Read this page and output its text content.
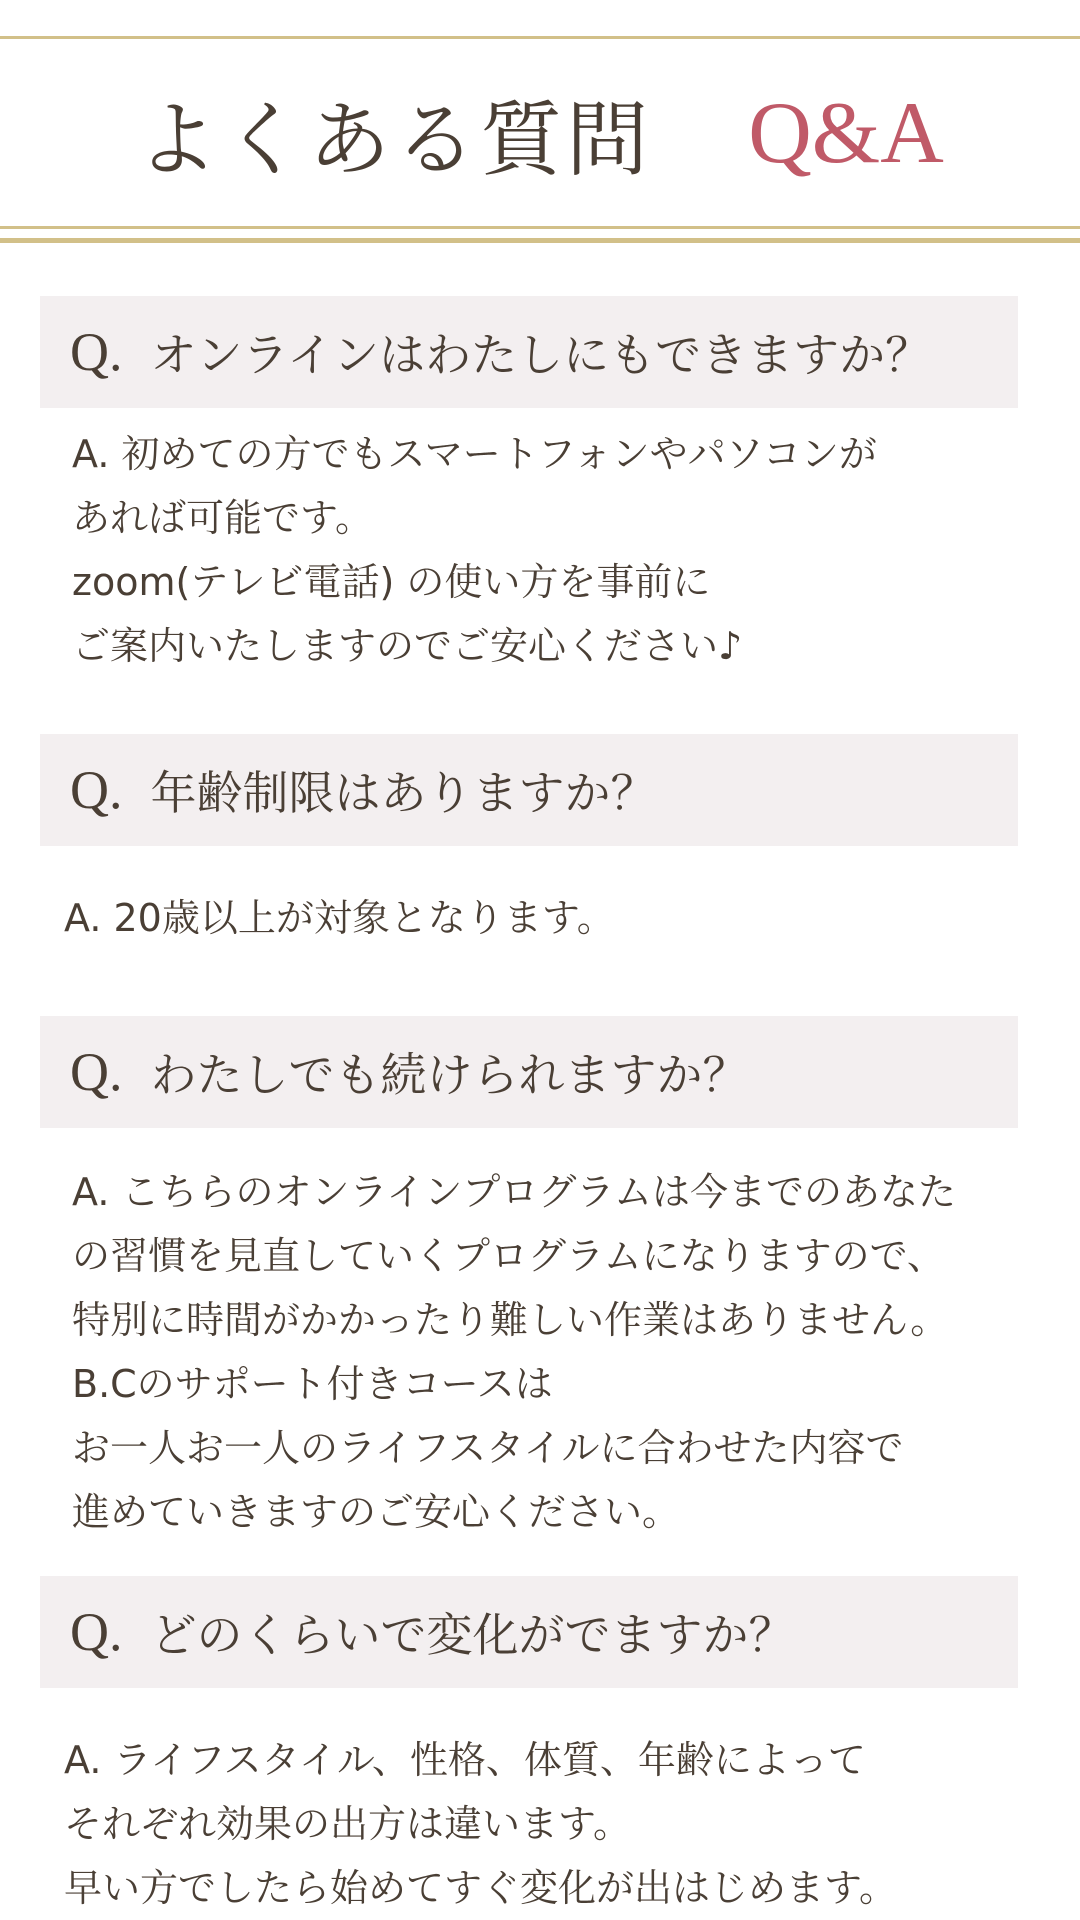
よくある質問 Q&A
Q. オンラインはわたしにもできますか？
A. 初めての方でもスマートフォンやパソコンが
あれば可能です。
zoom(テレビ電話) の使い方を事前に
ご案内いたしますのでご安心ください♪
Q. 年齢制限はありますか？
A. 20歳以上が対象となります。
Q. わたしでも続けられますか？
A. こちらのオンラインプログラムは今までのあなた
の習慣を見直していくプログラムになりますので、
特別に時間がかかったり難しい作業はありません。
B.Cのサポート付きコースは
お一人お一人のライフスタイルに合わせた内容で
進めていきますのご安心ください。
Q. どのくらいで変化がでますか？
A. ライフスタイル、性格、体質、年齢によって
それぞれ効果の出方は違います。
早い方でしたら始めてすぐ変化が出はじめます。
